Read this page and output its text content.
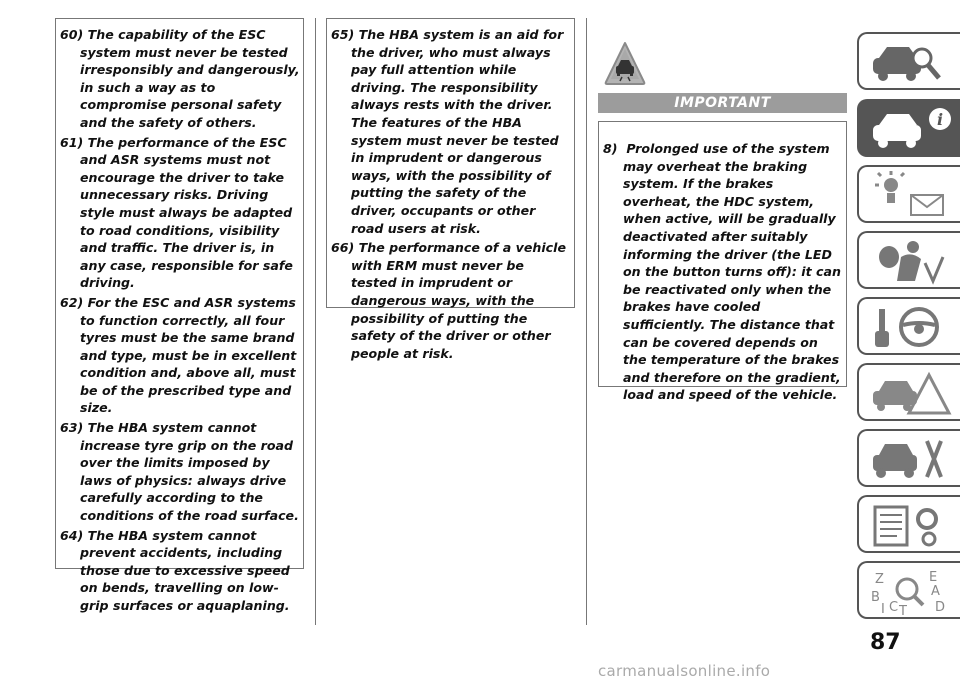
60) The capability of the ESC system must never be tested irresponsibly and dangerously, in such a way as to compromise personal safety and the safety of others.

61) The performance of the ESC and ASR systems must not encourage the driver to take unnecessary risks. Driving style must always be adapted to road conditions, visibility and traffic. The driver is, in any case, responsible for safe driving.

62) For the ESC and ASR systems to function correctly, all four tyres must be the same brand and type, must be in excellent condition and, above all, must be of the prescribed type and size.

63) The HBA system cannot increase tyre grip on the road over the limits imposed by laws of physics: always drive carefully according to the conditions of the road surface.

64) The HBA system cannot prevent accidents, including those due to excessive speed on bends, travelling on low-grip surfaces or aquaplaning.

65) The HBA system is an aid for the driver, who must always pay full attention while driving. The responsibility always rests with the driver. The features of the HBA system must never be tested in imprudent or dangerous ways, with the possibility of putting the safety of the driver, occupants or other road users at risk.

66) The performance of a vehicle with ERM must never be tested in imprudent or dangerous ways, with the possibility of putting the safety of the driver or other people at risk.

IMPORTANT

8) Prolonged use of the system may overheat the braking system. If the brakes overheat, the HDC system, when active, will be gradually deactivated after suitably informing the driver (the LED on the button turns off): it can be reactivated only when the brakes have cooled sufficiently. The distance that can be covered depends on the temperature of the brakes and therefore on the gradient, load and speed of the vehicle.

i
Z	E
A
B
D
I C T
87
carmanualsonline.info
